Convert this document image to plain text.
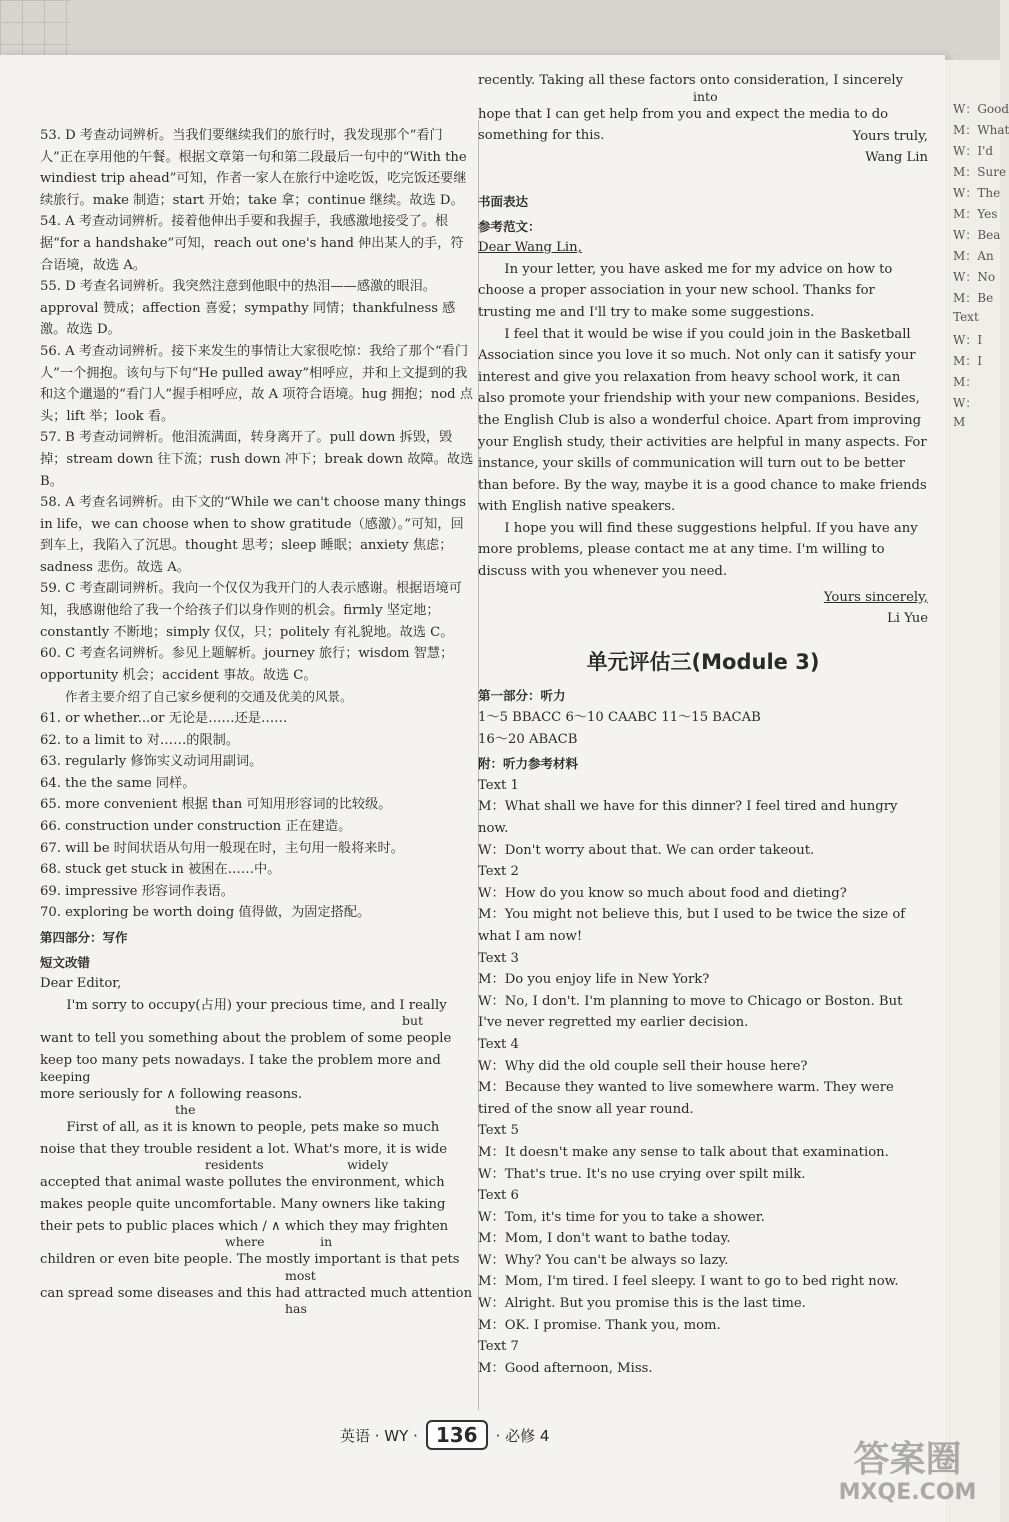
W：Good
M：What
W：I'd
M：Sure
W：The
M：Yes
W：Bea
M：An
W：No
M：Be
Text
W：I
M：I
M：
W：
M

53. D 考查动词辨析。当我们要继续我们的旅行时，我发现那个“看门人”正在享用他的午餐。根据文章第一句和第二段最后一句中的“With the windiest trip ahead”可知，作者一家人在旅行中途吃饭，吃完饭还要继续旅行。make 制造；start 开始；take 拿；continue 继续。故选 D。

54. A 考查动词辨析。接着他伸出手要和我握手，我感激地接受了。根据“for a handshake”可知，reach out one's hand 伸出某人的手，符合语境，故选 A。

55. D 考查名词辨析。我突然注意到他眼中的热泪——感激的眼泪。approval 赞成；affection 喜爱；sympathy 同情；thankfulness 感激。故选 D。

56. A 考查动词辨析。接下来发生的事情让大家很吃惊：我给了那个“看门人”一个拥抱。该句与下句“He pulled away”相呼应，并和上文提到的我和这个邋遢的“看门人”握手相呼应，故 A 项符合语境。hug 拥抱；nod 点头；lift 举；look 看。

57. B 考查动词辨析。他泪流满面，转身离开了。pull down 拆毁，毁掉；stream down 往下流；rush down 冲下；break down 故障。故选 B。

58. A 考查名词辨析。由下文的“While we can't choose many things in life，we can choose when to show gratitude（感激）。”可知，回到车上，我陷入了沉思。thought 思考；sleep 睡眠；anxiety 焦虑；sadness 悲伤。故选 A。

59. C 考查副词辨析。我向一个仅仅为我开门的人表示感谢。根据语境可知，我感谢他给了我一个给孩子们以身作则的机会。firmly 坚定地；constantly 不断地；simply 仅仅，只；politely 有礼貌地。故选 C。

60. C 考查名词辨析。参见上题解析。journey 旅行；wisdom 智慧；opportunity 机会；accident 事故。故选 C。

作者主要介绍了自己家乡便利的交通及优美的风景。

61. or whether...or 无论是……还是……

62. to a limit to 对……的限制。

63. regularly 修饰实义动词用副词。

64. the the same 同样。

65. more convenient 根据 than 可知用形容词的比较级。

66. construction under construction 正在建造。

67. will be 时间状语从句用一般现在时，主句用一般将来时。

68. stuck get stuck in 被困在……中。

69. impressive 形容词作表语。

70. exploring be worth doing 值得做，为固定搭配。

第四部分：写作

短文改错

Dear Editor,

I'm sorry to occupy(占用) your precious time, and I really

but

want to tell you something about the problem of some people

keep too many pets nowadays. I take the problem more and

keeping

more seriously for ∧ following reasons.

the

First of all, as it is known to people, pets make so much

noise that they trouble resident a lot. What's more, it is wide

residents                     widely

accepted that animal waste pollutes the environment, which

makes people quite uncomfortable. Many owners like taking

their pets to public places which / ∧ which they may frighten

where              in

children or even bite people. The mostly important is that pets

most

can spread some diseases and this had attracted much attention

has

recently. Taking all these factors onto consideration, I sincerely

into

hope that I can get help from you and expect the media to do

something for this.	Yours truly,

Wang Lin

书面表达

参考范文：

Dear Wang Lin,

In your letter, you have asked me for my advice on how to choose a proper association in your new school. Thanks for trusting me and I'll try to make some suggestions.

I feel that it would be wise if you could join in the Basketball Association since you love it so much. Not only can it satisfy your interest and give you relaxation from heavy school work, it can also promote your friendship with your new companions. Besides, the English Club is also a wonderful choice. Apart from improving your English study, their activities are helpful in many aspects. For instance, your skills of communication will turn out to be better than before. By the way, maybe it is a good chance to make friends with English native speakers.

I hope you will find these suggestions helpful. If you have any more problems, please contact me at any time. I'm willing to discuss with you whenever you need.

Yours sincerely,

Li Yue

单元评估三(Module 3)

第一部分：听力

1～5 BBACC 6～10 CAABC 11～15 BACAB

16～20 ABACB

附：听力参考材料

Text 1

M：What shall we have for this dinner? I feel tired and hungry now.

W：Don't worry about that. We can order takeout.

Text 2

W：How do you know so much about food and dieting?

M：You might not believe this, but I used to be twice the size of what I am now!

Text 3

M：Do you enjoy life in New York?

W：No, I don't. I'm planning to move to Chicago or Boston. But I've never regretted my earlier decision.

Text 4

W：Why did the old couple sell their house here?

M：Because they wanted to live somewhere warm. They were tired of the snow all year round.

Text 5

M：It doesn't make any sense to talk about that examination.

W：That's true. It's no use crying over spilt milk.

Text 6

W：Tom, it's time for you to take a shower.

M：Mom, I don't want to bathe today.

W：Why? You can't be always so lazy.

M：Mom, I'm tired. I feel sleepy. I want to go to bed right now.

W：Alright. But you promise this is the last time.

M：OK. I promise. Thank you, mom.

Text 7

M：Good afternoon, Miss.

英语 · WY · 136	· 必修 4
答案圈
MXQE.COM
